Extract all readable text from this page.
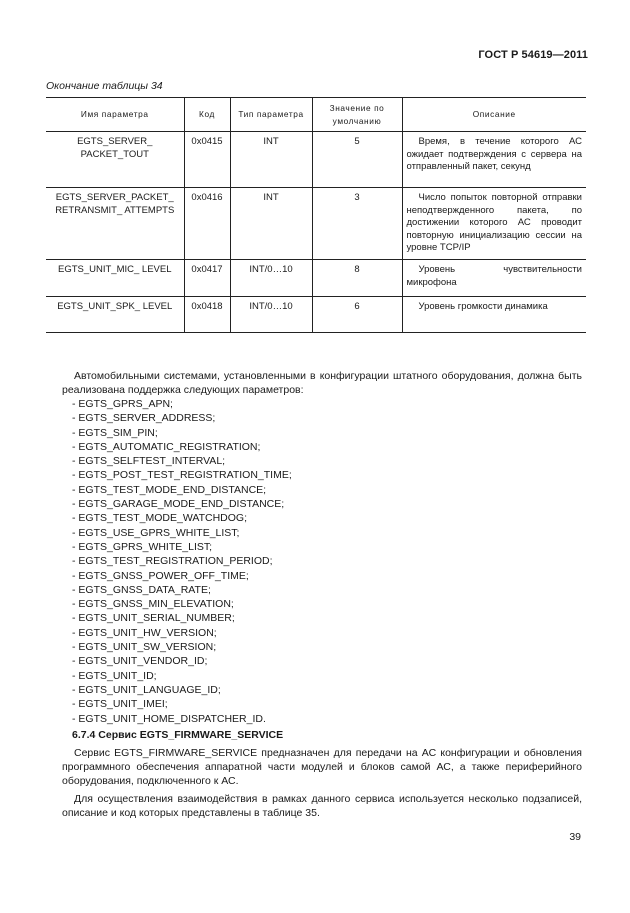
ГОСТ Р 54619—2011
Окончание таблицы 34
Имя параметра	Код	Тип параметра	Значение по умолчанию	Описание
EGTS_SERVER_ PACKET_TOUT	0x0415	INT	5	Время, в течение которого АС ожидает подтверждения с сервера на отправленный пакет, секунд
EGTS_SERVER_PACKET_ RETRANSMIT_ ATTEMPTS	0x0416	INT	3	Число попыток повторной отправки неподтвержденного пакета, по достижении которого АС проводит повторную инициализацию сессии на уровне TCP/IP
EGTS_UNIT_MIC_ LEVEL	0x0417	INT/0…10	8	Уровень чувствительности микрофона
EGTS_UNIT_SPK_ LEVEL	0x0418	INT/0…10	6	Уровень громкости динамика

Автомобильными системами, установленными в конфигурации штатного оборудования, должна быть реализована поддержка следующих параметров:

- EGTS_GPRS_APN;
- EGTS_SERVER_ADDRESS;
- EGTS_SIM_PIN;
- EGTS_AUTOMATIC_REGISTRATION;
- EGTS_SELFTEST_INTERVAL;
- EGTS_POST_TEST_REGISTRATION_TIME;
- EGTS_TEST_MODE_END_DISTANCE;
- EGTS_GARAGE_MODE_END_DISTANCE;
- EGTS_TEST_MODE_WATCHDOG;
- EGTS_USE_GPRS_WHITE_LIST;
- EGTS_GPRS_WHITE_LIST;
- EGTS_TEST_REGISTRATION_PERIOD;
- EGTS_GNSS_POWER_OFF_TIME;
- EGTS_GNSS_DATA_RATE;
- EGTS_GNSS_MIN_ELEVATION;
- EGTS_UNIT_SERIAL_NUMBER;
- EGTS_UNIT_HW_VERSION;
- EGTS_UNIT_SW_VERSION;
- EGTS_UNIT_VENDOR_ID;
- EGTS_UNIT_ID;
- EGTS_UNIT_LANGUAGE_ID;
- EGTS_UNIT_IMEI;
- EGTS_UNIT_HOME_DISPATCHER_ID.
6.7.4 Сервис EGTS_FIRMWARE_SERVICE

Сервис EGTS_FIRMWARE_SERVICE предназначен для передачи на АС конфигурации и обновления программного обеспечения аппаратной части модулей и блоков самой АС, а также периферийного оборудования, подключенного к АС.

Для осуществления взаимодействия в рамках данного сервиса используется несколько подзаписей, описание и код которых представлены в таблице 35.

39
